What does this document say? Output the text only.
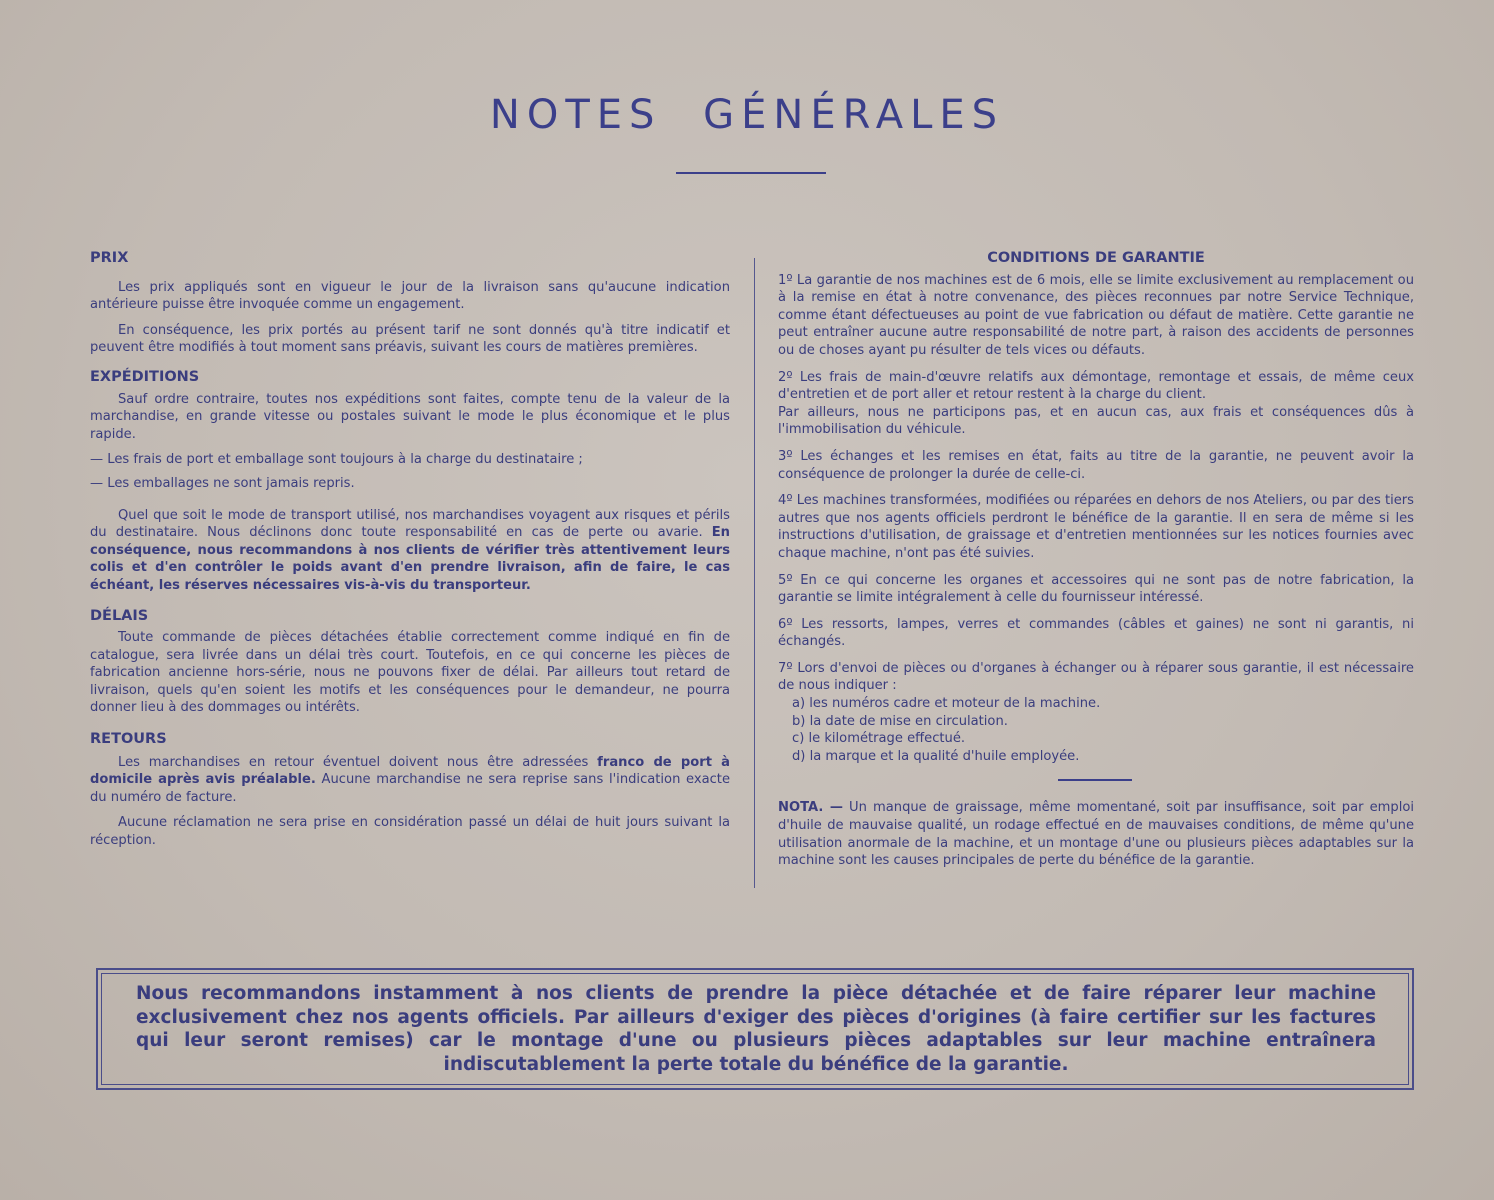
NOTES GÉNÉRALES
PRIX

Les prix appliqués sont en vigueur le jour de la livraison sans qu'aucune indication antérieure puisse être invoquée comme un engagement.

En conséquence, les prix portés au présent tarif ne sont donnés qu'à titre indicatif et peuvent être modifiés à tout moment sans préavis, suivant les cours de matières premières.

EXPÉDITIONS

Sauf ordre contraire, toutes nos expéditions sont faites, compte tenu de la valeur de la marchandise, en grande vitesse ou postales suivant le mode le plus économique et le plus rapide.

— Les frais de port et emballage sont toujours à la charge du destinataire ;

— Les emballages ne sont jamais repris.

Quel que soit le mode de transport utilisé, nos marchandises voyagent aux risques et périls du destinataire. Nous déclinons donc toute responsabilité en cas de perte ou avarie. En conséquence, nous recommandons à nos clients de vérifier très attentivement leurs colis et d'en contrôler le poids avant d'en prendre livraison, afin de faire, le cas échéant, les réserves nécessaires vis-à-vis du transporteur.

DÉLAIS

Toute commande de pièces détachées établie correctement comme indiqué en fin de catalogue, sera livrée dans un délai très court. Toutefois, en ce qui concerne les pièces de fabrication ancienne hors-série, nous ne pouvons fixer de délai. Par ailleurs tout retard de livraison, quels qu'en soient les motifs et les conséquences pour le demandeur, ne pourra donner lieu à des dommages ou intérêts.

RETOURS

Les marchandises en retour éventuel doivent nous être adressées franco de port à domicile après avis préalable. Aucune marchandise ne sera reprise sans l'indication exacte du numéro de facture.

Aucune réclamation ne sera prise en considération passé un délai de huit jours suivant la réception.

CONDITIONS DE GARANTIE

1º La garantie de nos machines est de 6 mois, elle se limite exclusivement au remplacement ou à la remise en état à notre convenance, des pièces reconnues par notre Service Technique, comme étant défectueuses au point de vue fabrication ou défaut de matière. Cette garantie ne peut entraîner aucune autre responsabilité de notre part, à raison des accidents de personnes ou de choses ayant pu résulter de tels vices ou défauts.

2º Les frais de main-d'œuvre relatifs aux démontage, remontage et essais, de même ceux d'entretien et de port aller et retour restent à la charge du client.

Par ailleurs, nous ne participons pas, et en aucun cas, aux frais et conséquences dûs à l'immobilisation du véhicule.

3º Les échanges et les remises en état, faits au titre de la garantie, ne peuvent avoir la conséquence de prolonger la durée de celle-ci.

4º Les machines transformées, modifiées ou réparées en dehors de nos Ateliers, ou par des tiers autres que nos agents officiels perdront le bénéfice de la garantie. Il en sera de même si les instructions d'utilisation, de graissage et d'entretien mentionnées sur les notices fournies avec chaque machine, n'ont pas été suivies.

5º En ce qui concerne les organes et accessoires qui ne sont pas de notre fabrication, la garantie se limite intégralement à celle du fournisseur intéressé.

6º Les ressorts, lampes, verres et commandes (câbles et gaines) ne sont ni garantis, ni échangés.

7º Lors d'envoi de pièces ou d'organes à échanger ou à réparer sous garantie, il est nécessaire de nous indiquer :

a) les numéros cadre et moteur de la machine.
b) la date de mise en circulation.
c) le kilométrage effectué.
d) la marque et la qualité d'huile employée.

NOTA. — Un manque de graissage, même momentané, soit par insuffisance, soit par emploi d'huile de mauvaise qualité, un rodage effectué en de mauvaises conditions, de même qu'une utilisation anormale de la machine, et un montage d'une ou plusieurs pièces adaptables sur la machine sont les causes principales de perte du bénéfice de la garantie.

Nous recommandons instamment à nos clients de prendre la pièce détachée et de faire réparer leur machine exclusivement chez nos agents officiels. Par ailleurs d'exiger des pièces d'origines (à faire certifier sur les factures qui leur seront remises) car le montage d'une ou plusieurs pièces adaptables sur leur machine entraînera indiscutablement la perte totale du bénéfice de la garantie.
